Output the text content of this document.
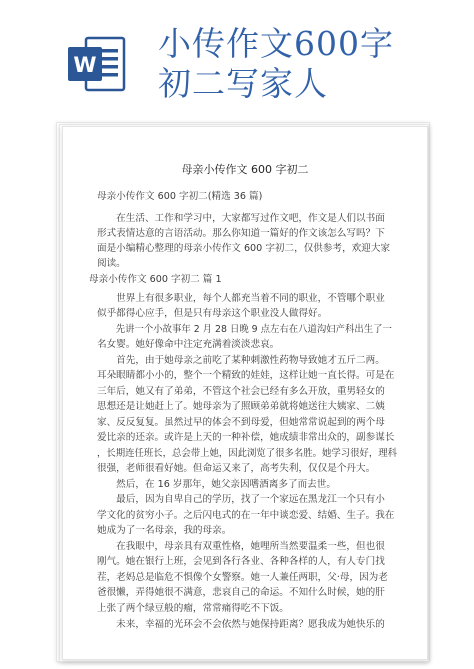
W
小传作文600字
初二写家人
母亲小传作文 600 字初二
母亲小传作文 600 字初二(精选 36 篇)
　　在生活、工作和学习中，大家都写过作文吧，作文是人们以书面
形式表情达意的言语活动。那么你知道一篇好的作文该怎么写吗？下
面是小编精心整理的母亲小传作文 600 字初二，仅供参考，欢迎大家
阅读。
母亲小传作文 600 字初二 篇 1
　　世界上有很多职业，每个人都充当着不同的职业，不管哪个职业
似乎都得心应手，但是只有母亲这个职业没人做得好。
　　先讲一个小故事年 2 月 28 日晚 9 点左右在八道沟妇产科出生了一
名女婴。她好像命中注定充满着淡淡悲哀。
　　首先，由于她母亲之前吃了某种刺激性药物导致她才五斤二两。
耳朵眼睛都小小的，整个一个精致的娃娃，这样让她一直长得。可是在
三年后，她又有了弟弟，不管这个社会已经有多么开放，重男轻女的
思想还是让她赶上了。她母亲为了照顾弟弟就将她送往大姨家、二姨
家、反反复复。虽然过早的体会不到母爱，但她常常说起到的两个母
爱比亲的还亲。或许是上天的一种补偿，她成绩非常出众的，副参谋长
，长期连任班长，总会带上她，因此浏览了很多名胜。她学习很好，理科
很强，老师很看好她。但命运又来了，高考失利，仅仅是个丹大。
　　然后，在 16 岁那年，她父亲因嗜酒离多了而去世。
　　最后，因为自卑自己的学历，找了一个家远在黑龙江一个只有小
学文化的贫穷小子。之后闪电式的在一年中谈恋爱、结婚、生子。我在
她成为了一名母亲，我的母亲。
　　在我眼中，母亲具有双重性格，她哩所当然要温柔一些，但也很
刚气。她在银行上班，会见到各行各业、各种各样的人，有人专门找
茬，老妈总是临危不惧像个女警察。她一人兼任两职，父·母，因为老
爸很懒，弄得她很不满意，悲哀自己的命运。不知什么时候，她的肝
上张了两个绿豆般的瘤，常常痛得吃不下饭。
　　未来，幸福的光环会不会依然与她保持距离？愿我成为她快乐的
